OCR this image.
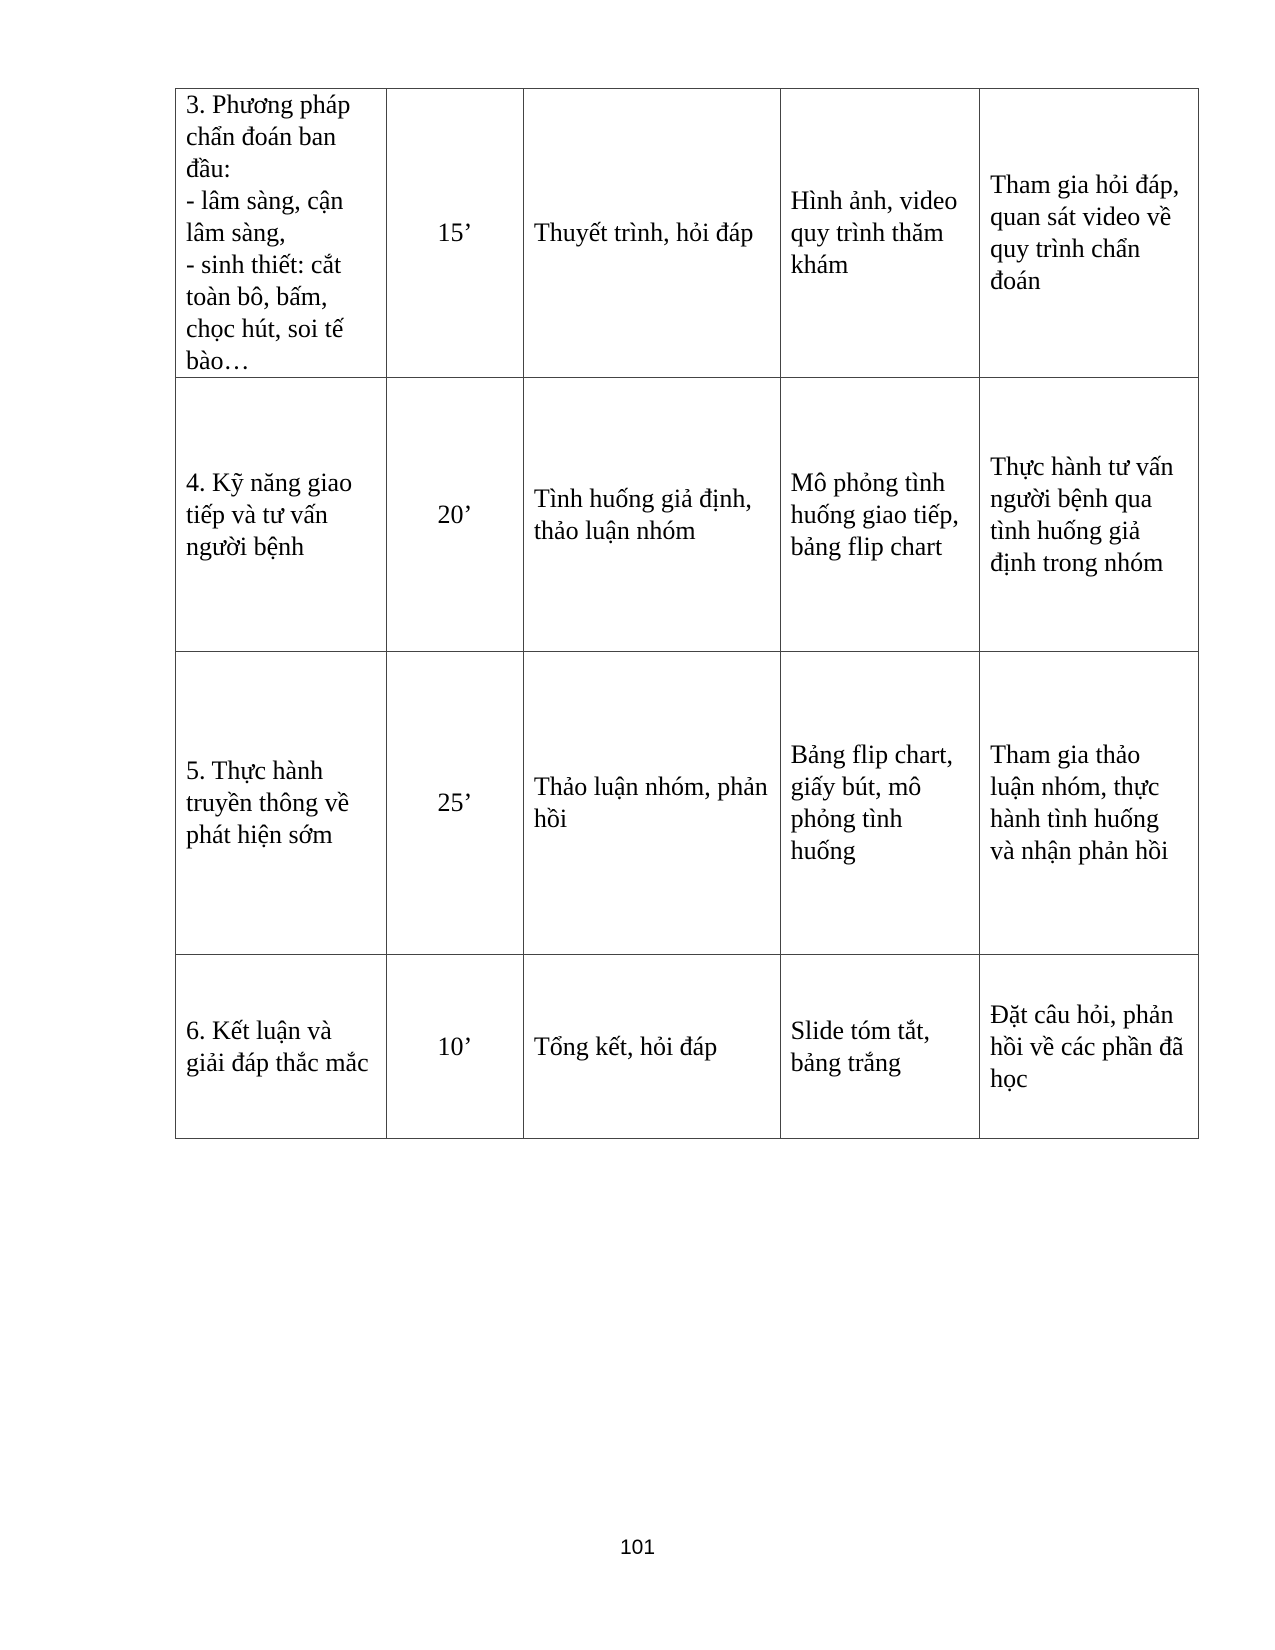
3. Phương pháp chẩn đoán ban đầu:
- lâm sàng, cận lâm sàng,
- sinh thiết: cắt toàn bô, bấm, chọc hút, soi tế bào…	15’	Thuyết trình, hỏi đáp	Hình ảnh, video quy trình thăm khám	Tham gia hỏi đáp, quan sát video về quy trình chẩn đoán

4. Kỹ năng giao tiếp và tư vấn người bệnh	20’	Tình huống giả định, thảo luận nhóm	Mô phỏng tình huống giao tiếp, bảng flip chart	Thực hành tư vấn người bệnh qua tình huống giả định trong nhóm

5. Thực hành truyền thông về phát hiện sớm	25’	Thảo luận nhóm, phản hồi	Bảng flip chart, giấy bút, mô phỏng tình huống	Tham gia thảo luận nhóm, thực hành tình huống và nhận phản hồi

6. Kết luận và giải đáp thắc mắc	10’	Tổng kết, hỏi đáp	Slide tóm tắt, bảng trắng	Đặt câu hỏi, phản hồi về các phần đã học
101
